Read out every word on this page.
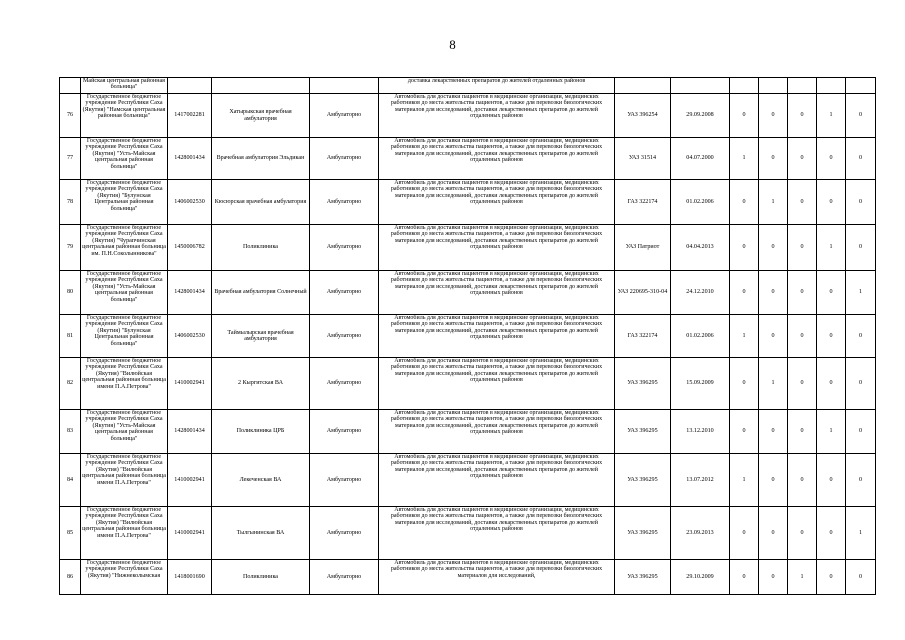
8
	Майская центральная районная больница"				доставка лекарственных препаратов до жителей отдаленных районов							
76	Государственное бюджетное учреждение Республики Саха (Якутия) "Намская центральная районная больница"	1417002281	Хатырыкская врачебная амбулатория	Амбулаторно	Автомобиль для доставки пациентов в медицинские организации, медицинских работников до места жительства пациентов, а также для перевозки биологических материалов для исследований, доставки лекарственных препаратов до жителей отдаленных районов	УАЗ 396254	29.09.2008	0	0	0	1	0
77	Государственное бюджетное учреждение Республики Саха (Якутия) "Усть-Майская центральная районная больница"	1428001434	Врачебная амбулатория Эльдикан	Амбулаторно	Автомобиль для доставки пациентов в медицинские организации, медицинских работников до места жительства пациентов, а также для перевозки биологических материалов для исследований, доставки лекарственных препаратов до жителей отдаленных районов	УАЗ 31514	04.07.2000	1	0	0	0	0
78	Государственное бюджетное учреждение Республики Саха (Якутия) "Булунская Центральная районная больница"	1406002530	Кюсюрская врачебная амбулатория	Амбулаторно	Автомобиль для доставки пациентов в медицинские организации, медицинских работников до места жительства пациентов, а также для перевозки биологических материалов для исследований, доставки лекарственных препаратов до жителей отдаленных районов	ГАЗ 322174	01.02.2006	0	1	0	0	0
79	Государственное бюджетное учреждение Республики Саха (Якутия) "Чурапчинская центральная районная больница им. П.Н.Соколынникова"	1450006782	Поликлиника	Амбулаторно	Автомобиль для доставки пациентов в медицинские организации, медицинских работников до места жительства пациентов, а также для перевозки биологических материалов для исследований, доставки лекарственных препаратов до жителей отдаленных районов	УАЗ Патриот	04.04.2013	0	0	0	1	0
80	Государственное бюджетное учреждение Республики Саха (Якутия) "Усть-Майская центральная районная больница"	1428001434	Врачебная амбулатория Солнечный	Амбулаторно	Автомобиль для доставки пациентов в медицинские организации, медицинских работников до места жительства пациентов, а также для перевозки биологических материалов для исследований, доставки лекарственных препаратов до жителей отдаленных районов	УАЗ 220695-310-04	24.12.2010	0	0	0	0	1
81	Государственное бюджетное учреждение Республики Саха (Якутия) "Булунская Центральная районная больница"	1406002530	Таймылырская врачебная амбулатория	Амбулаторно	Автомобиль для доставки пациентов в медицинские организации, медицинских работников до места жительства пациентов, а также для перевозки биологических материалов для исследований, доставки лекарственных препаратов до жителей отдаленных районов	ГАЗ 322174	01.02.2006	1	0	0	0	0
82	Государственное бюджетное учреждение Республики Саха (Якутия) "Вилюйская центральная районная больница имени П.А.Петрова"	1410002941	2 Кыргитская ВА	Амбулаторно	Автомобиль для доставки пациентов в медицинские организации, медицинских работников до места жительства пациентов, а также для перевозки биологических материалов для исследований, доставки лекарственных препаратов до жителей отдаленных районов	УАЗ 396295	15.09.2009	0	1	0	0	0
83	Государственное бюджетное учреждение Республики Саха (Якутия) "Усть-Майская центральная районная больница"	1428001434	Поликлиника ЦРБ	Амбулаторно	Автомобиль для доставки пациентов в медицинские организации, медицинских работников до места жительства пациентов, а также для перевозки биологических материалов для исследований, доставки лекарственных препаратов до жителей отдаленных районов	УАЗ 396295	13.12.2010	0	0	0	1	0
84	Государственное бюджетное учреждение Республики Саха (Якутия) "Вилюйская центральная районная больница имени П.А.Петрова"	1410002941	Лекеченская ВА	Амбулаторно	Автомобиль для доставки пациентов в медицинские организации, медицинских работников до места жительства пациентов, а также для перевозки биологических материалов для исследований, доставки лекарственных препаратов до жителей отдаленных районов	УАЗ 396295	13.07.2012	1	0	0	0	0
85	Государственное бюджетное учреждение Республики Саха (Якутия) "Вилюйская центральная районная больница имени П.А.Петрова"	1410002941	Тылгынинская ВА	Амбулаторно	Автомобиль для доставки пациентов в медицинские организации, медицинских работников до места жительства пациентов, а также для перевозки биологических материалов для исследований, доставки лекарственных препаратов до жителей отдаленных районов	УАЗ 396295	23.09.2013	0	0	0	0	1
86	Государственное бюджетное учреждение Республики Саха (Якутия) "Нижнеколымская	1418001690	Поликлиника	Амбулаторно	Автомобиль для доставки пациентов в медицинские организации, медицинских работников до места жительства пациентов, а также для перевозки биологических материалов для исследований,	УАЗ 396295	29.10.2009	0	0	1	0	0
